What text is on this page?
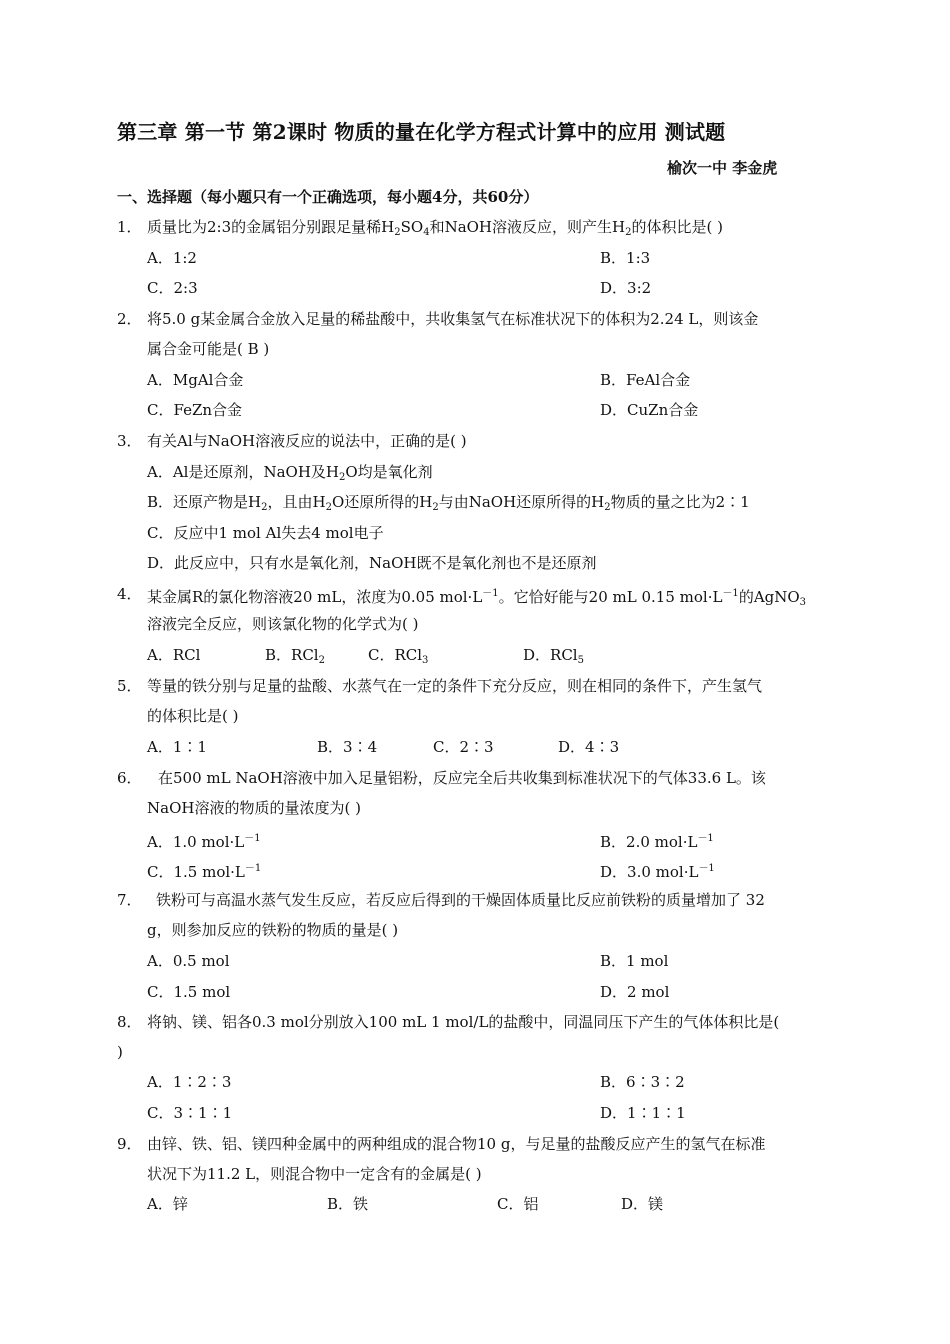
第三章 第一节 第2课时 物质的量在化学方程式计算中的应用 测试题
榆次一中 李金虎
一、选择题（每小题只有一个正确选项，每小题4分，共60分）
1． 质量比为2:3的金属铝分别跟足量稀$H_2SO_4$和NaOH溶液反应，则产生$H_2$的体积比是( )
A．1:2	B．1:3
C．2:3	D．3:2
2． 将5.0 g某金属合金放入足量的稀盐酸中，共收集氢气在标准状况下的体积为2.24 L，则该金
属合金可能是( B )
A．MgAl合金	B．FeAl合金
C．FeZn合金	D．CuZn合金
3． 有关Al与NaOH溶液反应的说法中，正确的是( )
A．Al是还原剂，NaOH及$H_2O$均是氧化剂
B．还原产物是$H_2$，且由$H_2O$还原所得的$H_2$与由NaOH还原所得的$H_2$物质的量之比为2∶1
C．反应中1 mol Al失去4 mol电子
D．此反应中，只有水是氧化剂，NaOH既不是氧化剂也不是还原剂
4． 某金属R的氯化物溶液20 mL，浓度为0.05 $mol\cdot L^{-1}$。它恰好能与20 mL 0.15 $mol\cdot L^{-1}$的AgNO$_3$
溶液完全反应，则该氯化物的化学式为( )
A．RCl	B．RCl$_2$	C．RCl$_3$	D．RCl$_5$
5． 等量的铁分别与足量的盐酸、水蒸气在一定的条件下充分反应，则在相同的条件下，产生氢气
的体积比是( )
A．1∶1	B．3∶4	C．2∶3	D．4∶3
6． 在500 mL NaOH溶液中加入足量铝粉，反应完全后共收集到标准状况下的气体33.6 L。该
NaOH溶液的物质的量浓度为( )
A．1.0 $mol\cdot L^{-1}$	B．2.0 $mol\cdot L^{-1}$
C．1.5 $mol\cdot L^{-1}$	D．3.0 $mol\cdot L^{-1}$
7． 铁粉可与高温水蒸气发生反应，若反应后得到的干燥固体质量比反应前铁粉的质量增加了 32
g，则参加反应的铁粉的物质的量是( )
A．0.5 mol	B．1 mol
C．1.5 mol	D．2 mol
8． 将钠、镁、铝各0.3 mol分别放入100 mL 1 mol/L的盐酸中，同温同压下产生的气体体积比是(
)
A．1∶2∶3	B．6∶3∶2
C．3∶1∶1	D．1∶1∶1
9． 由锌、铁、铝、镁四种金属中的两种组成的混合物10 g，与足量的盐酸反应产生的氢气在标准
状况下为11.2 L，则混合物中一定含有的金属是( )
A．锌	B．铁	C．铝	D．镁
